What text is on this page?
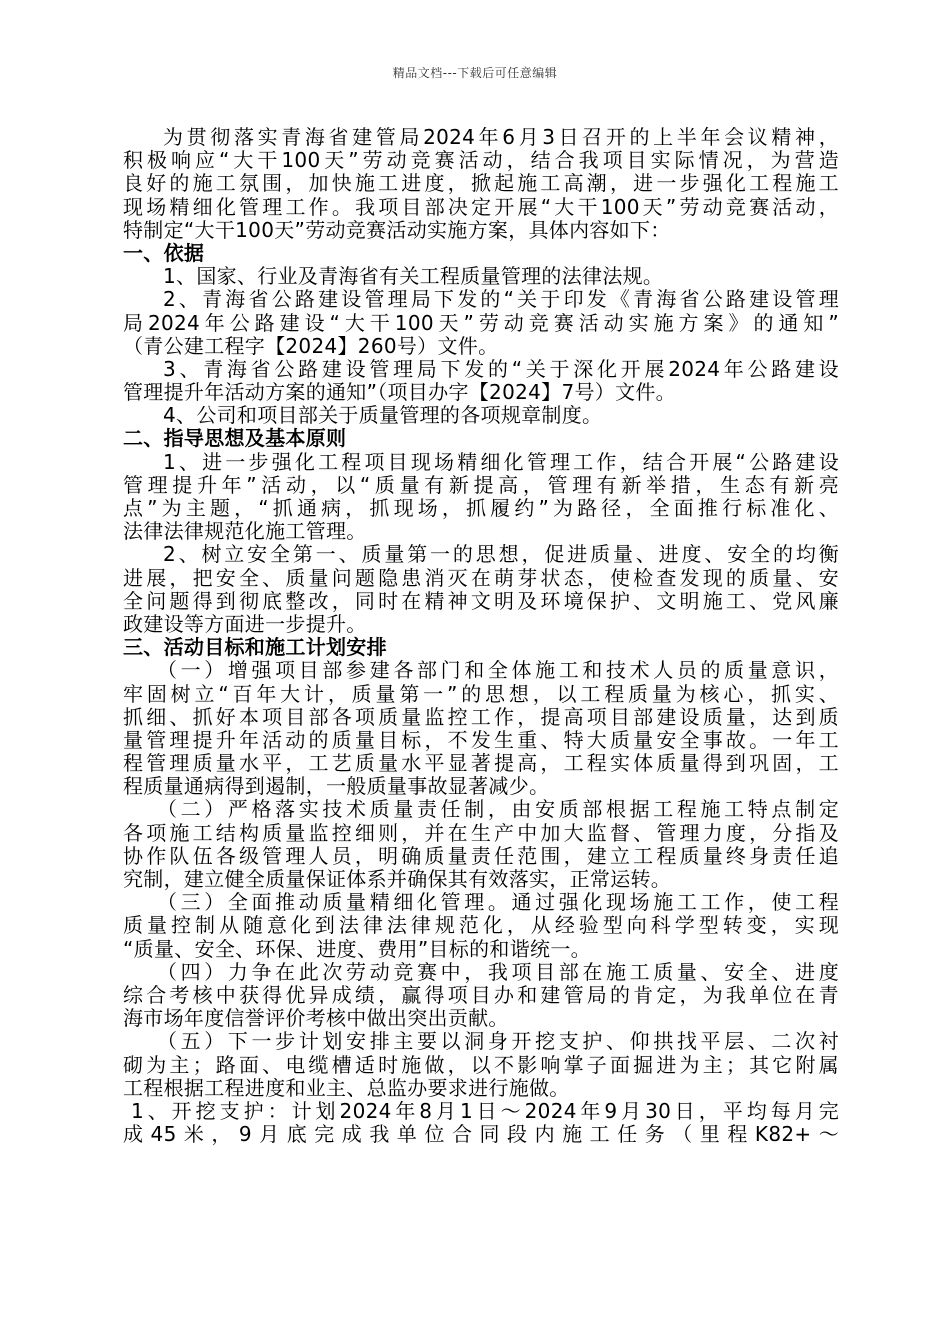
精品文档---下载后可任意编辑
为贯彻落实青海省建管局2024年6月3日召开的上半年会议精神，
积极响应“大干100天”劳动竞赛活动，结合我项目实际情况，为营造
良好的施工氛围，加快施工进度，掀起施工高潮，进一步强化工程施工
现场精细化管理工作。我项目部决定开展“大干100天”劳动竞赛活动，
特制定“大干100天”劳动竞赛活动实施方案，具体内容如下：
一、依据
1、国家、行业及青海省有关工程质量管理的法律法规。
2、青海省公路建设管理局下发的“关于印发《青海省公路建设管理
局2024年公路建设“大干100天”劳动竞赛活动实施方案》的通知”
（青公建工程字【2024】260号）文件。
3、青海省公路建设管理局下发的“关于深化开展2024年公路建设
管理提升年活动方案的通知”（项目办字【2024】7号）文件。
4、公司和项目部关于质量管理的各项规章制度。
二、指导思想及基本原则
1、进一步强化工程项目现场精细化管理工作，结合开展“公路建设
管理提升年”活动，以“质量有新提高，管理有新举措，生态有新亮
点”为主题，“抓通病，抓现场，抓履约”为路径，全面推行标准化、
法律法律规范化施工管理。
2、树立安全第一、质量第一的思想，促进质量、进度、安全的均衡
进展，把安全、质量问题隐患消灭在萌芽状态，使检查发现的质量、安
全问题得到彻底整改，同时在精神文明及环境保护、文明施工、党风廉
政建设等方面进一步提升。
三、活动目标和施工计划安排
（一）增强项目部参建各部门和全体施工和技术人员的质量意识，
牢固树立“百年大计，质量第一”的思想，以工程质量为核心，抓实、
抓细、抓好本项目部各项质量监控工作，提高项目部建设质量，达到质
量管理提升年活动的质量目标，不发生重、特大质量安全事故。一年工
程管理质量水平，工艺质量水平显著提高，工程实体质量得到巩固，工
程质量通病得到遏制，一般质量事故显著减少。
（二）严格落实技术质量责任制，由安质部根据工程施工特点制定
各项施工结构质量监控细则，并在生产中加大监督、管理力度，分指及
协作队伍各级管理人员，明确质量责任范围，建立工程质量终身责任追
究制，建立健全质量保证体系并确保其有效落实，正常运转。
（三）全面推动质量精细化管理。通过强化现场施工工作，使工程
质量控制从随意化到法律法律规范化，从经验型向科学型转变，实现
“质量、安全、环保、进度、费用”目标的和谐统一。
（四）力争在此次劳动竞赛中，我项目部在施工质量、安全、进度
综合考核中获得优异成绩，赢得项目办和建管局的肯定，为我单位在青
海市场年度信誉评价考核中做出突出贡献。
（五）下一步计划安排主要以洞身开挖支护、仰拱找平层、二次衬
砌为主；路面、电缆槽适时施做，以不影响掌子面掘进为主；其它附属
工程根据工程进度和业主、总监办要求进行施做。
1、开挖支护：计划2024年8月1日～2024年9月30日，平均每月完
成45米，9月底完成我单位合同段内施工任务（里程K82+～
